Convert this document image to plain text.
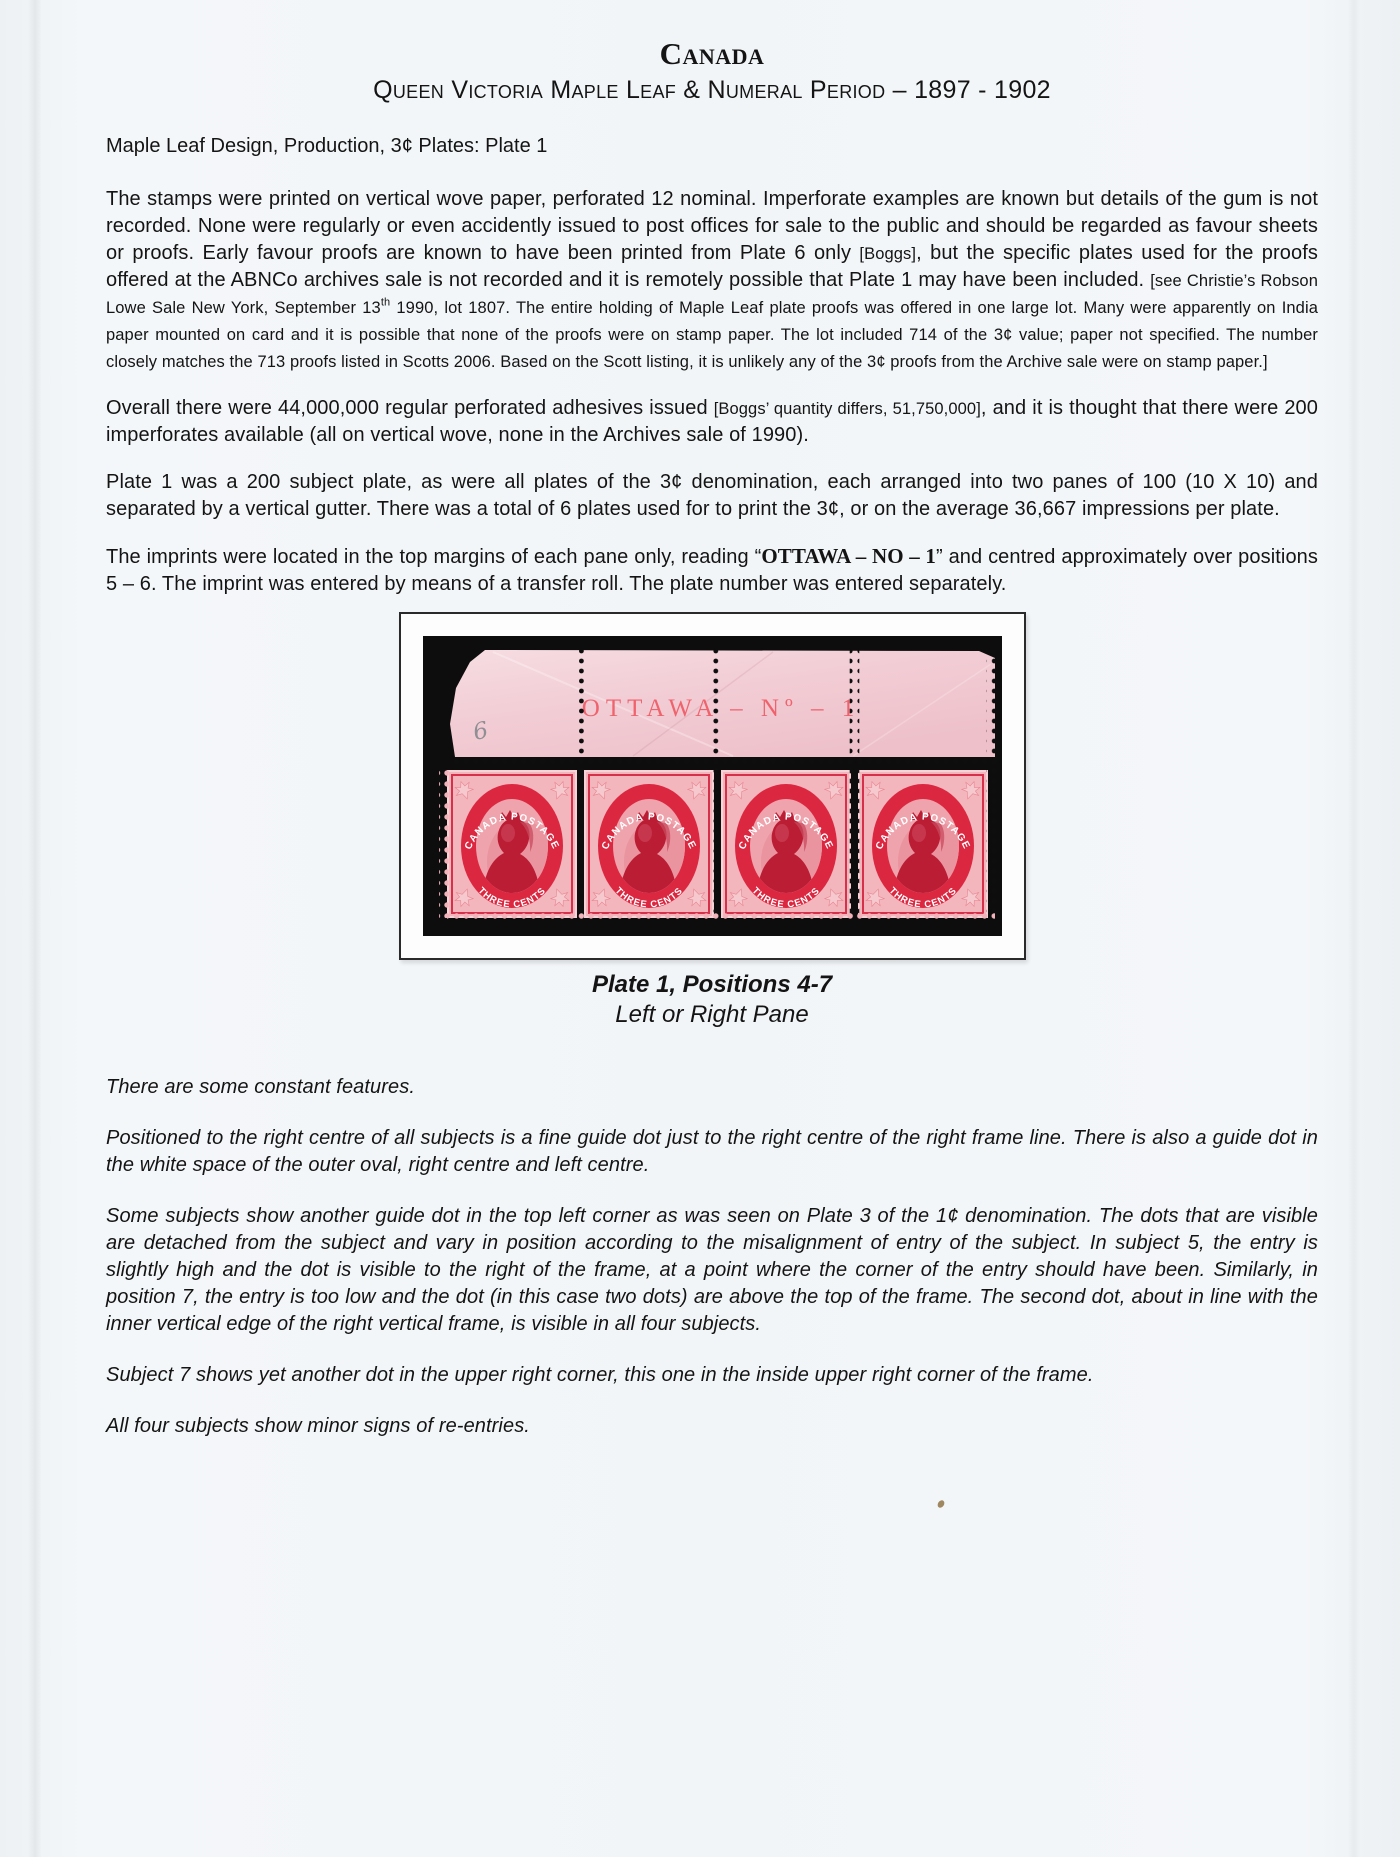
Canada
Queen Victoria Maple Leaf & Numeral Period – 1897 - 1902
Maple Leaf Design, Production, 3¢ Plates: Plate 1

The stamps were printed on vertical wove paper, perforated 12 nominal. Imperforate examples are known but details of the gum is not recorded. None were regularly or even accidently issued to post offices for sale to the public and should be regarded as favour sheets or proofs. Early favour proofs are known to have been printed from Plate 6 only [Boggs], but the specific plates used for the proofs offered at the ABNCo archives sale is not recorded and it is remotely possible that Plate 1 may have been included. [see Christie’s Robson Lowe Sale New York, September 13th 1990, lot 1807. The entire holding of Maple Leaf plate proofs was offered in one large lot. Many were apparently on India paper mounted on card and it is possible that none of the proofs were on stamp paper. The lot included 714 of the 3¢ value; paper not specified. The number closely matches the 713 proofs listed in Scotts 2006. Based on the Scott listing, it is unlikely any of the 3¢ proofs from the Archive sale were on stamp paper.]

Overall there were 44,000,000 regular perforated adhesives issued [Boggs’ quantity differs, 51,750,000], and it is thought that there were 200 imperforates available (all on vertical wove, none in the Archives sale of 1990).

Plate 1 was a 200 subject plate, as were all plates of the 3¢ denomination, each arranged into two panes of 100 (10 X 10) and separated by a vertical gutter. There was a total of 6 plates used for to print the 3¢, or on the average 36,667 impressions per plate.

The imprints were located in the top margins of each pane only, reading “OTTAWA – NO – 1” and centred approximately over positions 5 – 6. The imprint was entered by means of a transfer roll. The plate number was entered separately.

OTTAWA – Nº –
6
Plate 1, Positions 4-7
Left or Right Pane

There are some constant features.

Positioned to the right centre of all subjects is a fine guide dot just to the right centre of the right frame line. There is also a guide dot in the white space of the outer oval, right centre and left centre.

Some subjects show another guide dot in the top left corner as was seen on Plate 3 of the 1¢ denomination. The dots that are visible are detached from the subject and vary in position according to the misalignment of entry of the subject. In subject 5, the entry is slightly high and the dot is visible to the right of the frame, at a point where the corner of the entry should have been. Similarly, in position 7, the entry is too low and the dot (in this case two dots) are above the top of the frame. The second dot, about in line with the inner vertical edge of the right vertical frame, is visible in all four subjects.

Subject 7 shows yet another dot in the upper right corner, this one in the inside upper right corner of the frame.

All four subjects show minor signs of re-entries.
